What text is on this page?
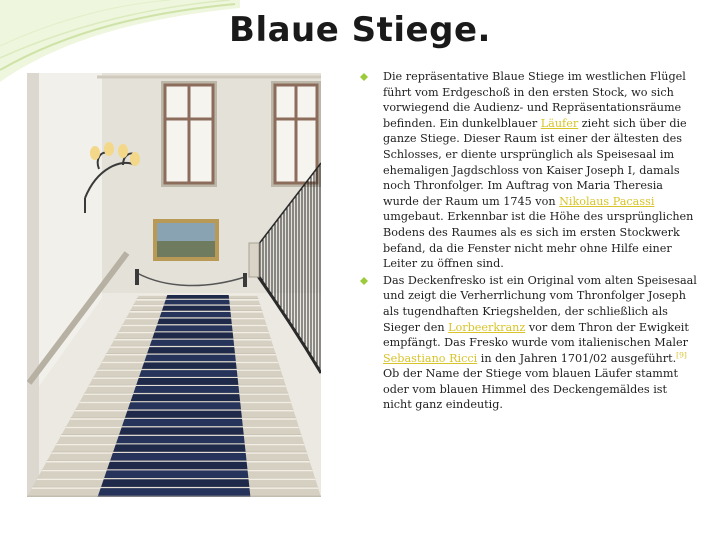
Blaue Stiege.
Die repräsentative Blaue Stiege im westlichen Flügel führt vom Erdgeschoß in den ersten Stock, wo sich vorwiegend die Audienz- und Repräsentationsräume befinden. Ein dunkelblauer Läufer zieht sich über die ganze Stiege. Dieser Raum ist einer der ältesten des Schlosses, er diente ursprünglich als Speisesaal im ehemaligen Jagdschloss von Kaiser Joseph I, damals noch Thronfolger. Im Auftrag von Maria Theresia wurde der Raum um 1745 von Nikolaus Pacassi umgebaut. Erkennbar ist die Höhe des ursprünglichen Bodens des Raumes als es sich im ersten Stockwerk befand, da die Fenster nicht mehr ohne Hilfe einer Leiter zu öffnen sind.
Das Deckenfresko ist ein Original vom alten Speisesaal und zeigt die Verherrlichung vom Thronfolger Joseph als tugendhaften Kriegshelden, der schließlich als Sieger den Lorbeerkranz vor dem Thron der Ewigkeit empfängt. Das Fresko wurde vom italienischen Maler Sebastiano Ricci in den Jahren 1701/02 ausgeführt.[9] Ob der Name der Stiege vom blauen Läufer stammt oder vom blauen Himmel des Deckengemäldes ist nicht ganz eindeutig.
